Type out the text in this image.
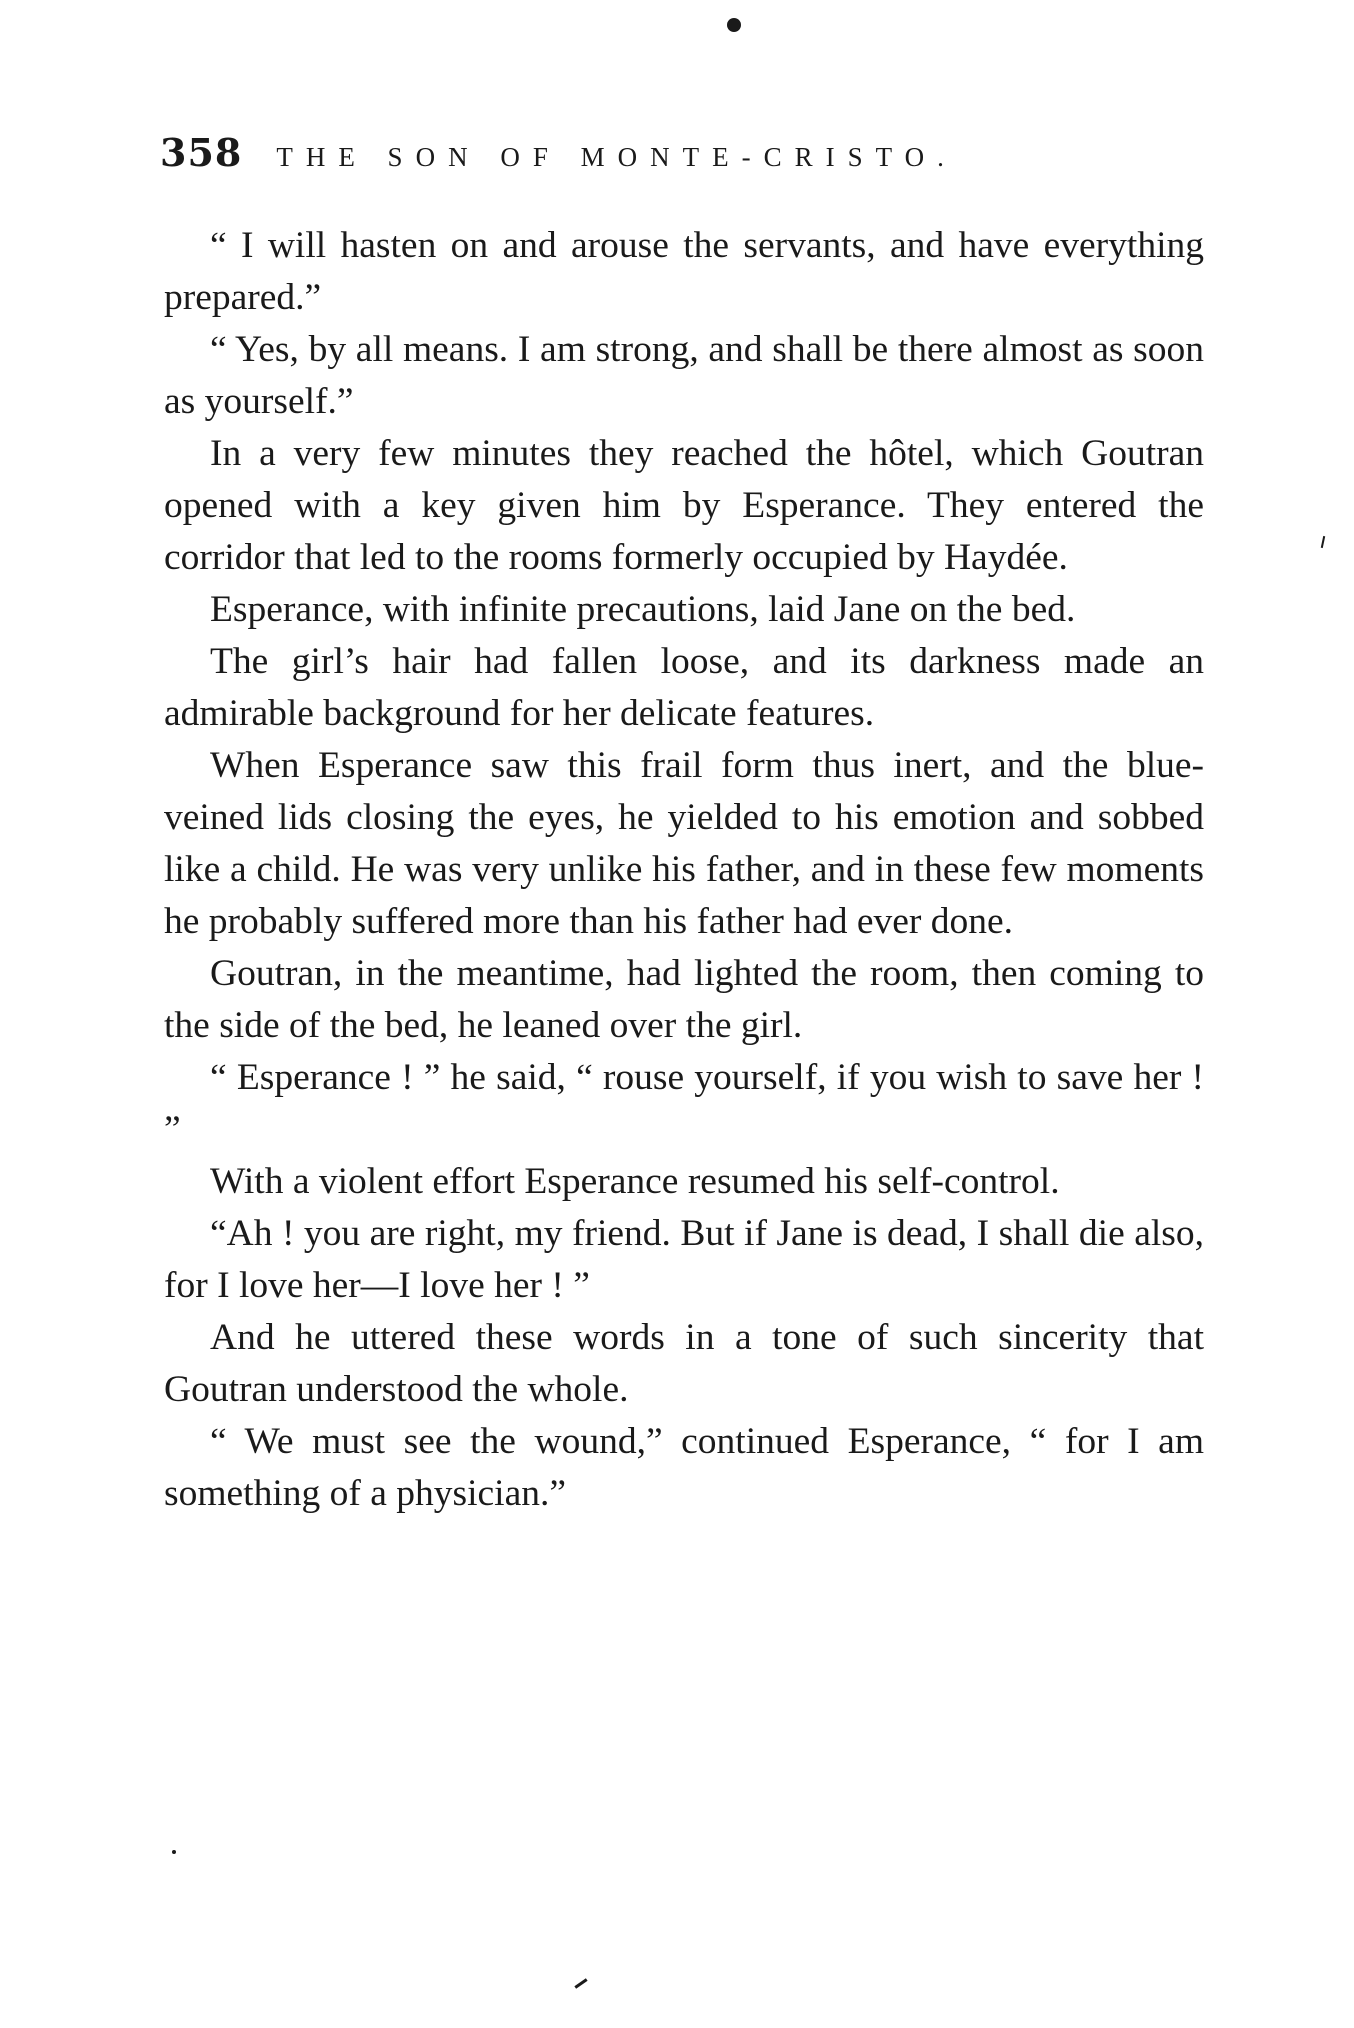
358 THE SON OF MONTE-CRISTO.

“ I will hasten on and arouse the servants, and have everything prepared.”

“ Yes, by all means. I am strong, and shall be there almost as soon as yourself.”

In a very few minutes they reached the hôtel, which Goutran opened with a key given him by Esperance. They entered the corridor that led to the rooms formerly occupied by Haydée.

Esperance, with infinite precautions, laid Jane on the bed.

The girl’s hair had fallen loose, and its darkness made an admirable background for her delicate features.

When Esperance saw this frail form thus inert, and the blue-veined lids closing the eyes, he yielded to his emotion and sobbed like a child. He was very unlike his father, and in these few moments he probably suffered more than his father had ever done.

Goutran, in the meantime, had lighted the room, then coming to the side of the bed, he leaned over the girl.

“ Esperance ! ” he said, “ rouse yourself, if you wish to save her ! ”

With a violent effort Esperance resumed his self-control.

“Ah ! you are right, my friend. But if Jane is dead, I shall die also, for I love her—I love her ! ”

And he uttered these words in a tone of such sincerity that Goutran understood the whole.

“ We must see the wound,” continued Esperance, “ for I am something of a physician.”
